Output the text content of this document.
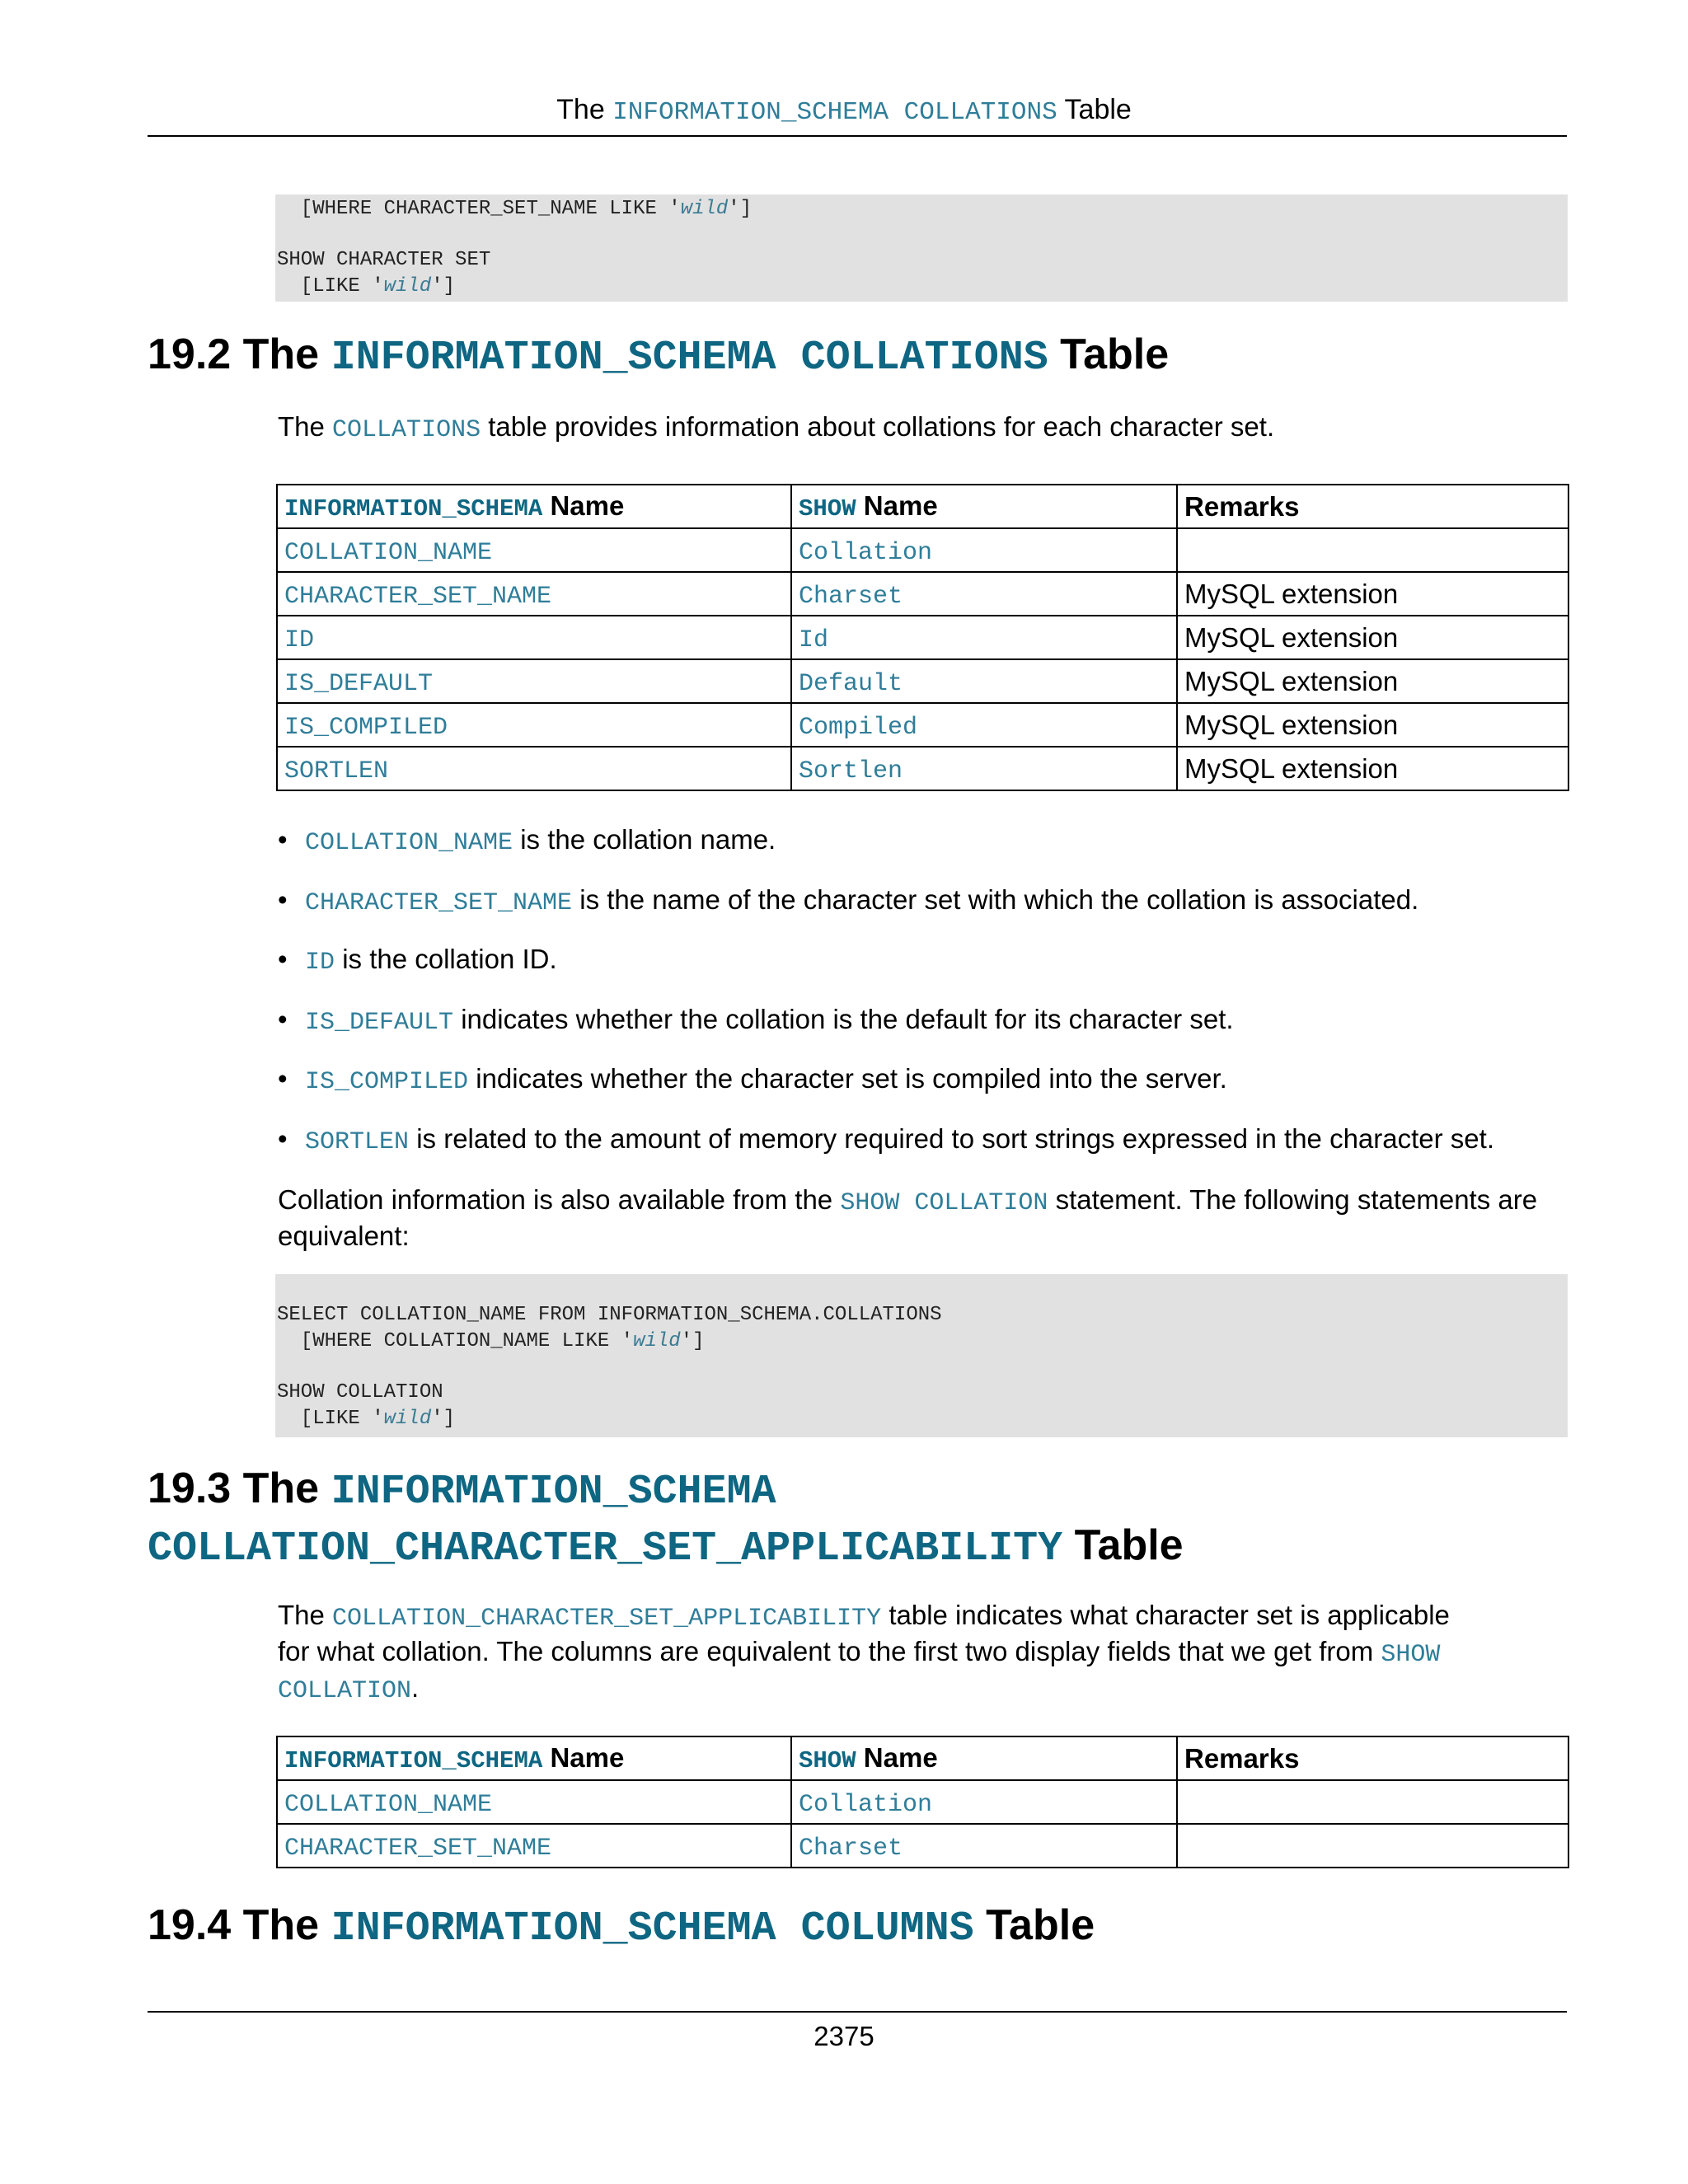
The INFORMATION_SCHEMA COLLATIONS Table
[WHERE CHARACTER_SET_NAME LIKE 'wild']
SHOW CHARACTER SET
[LIKE 'wild']
19.2 The INFORMATION_SCHEMA COLLATIONS Table
The COLLATIONS table provides information about collations for each character set.
INFORMATION_SCHEMA Name	SHOW Name	Remarks
COLLATION_NAME	Collation	
CHARACTER_SET_NAME	Charset	MySQL extension
ID	Id	MySQL extension
IS_DEFAULT	Default	MySQL extension
IS_COMPILED	Compiled	MySQL extension
SORTLEN	Sortlen	MySQL extension
• COLLATION_NAME is the collation name.
• CHARACTER_SET_NAME is the name of the character set with which the collation is associated.
• ID is the collation ID.
• IS_DEFAULT indicates whether the collation is the default for its character set.
• IS_COMPILED indicates whether the character set is compiled into the server.
• SORTLEN is related to the amount of memory required to sort strings expressed in the character set.
Collation information is also available from the SHOW COLLATION statement. The following statements are
equivalent:
SELECT COLLATION_NAME FROM INFORMATION_SCHEMA.COLLATIONS
[WHERE COLLATION_NAME LIKE 'wild']
SHOW COLLATION
[LIKE 'wild']
19.3 The INFORMATION_SCHEMA
COLLATION_CHARACTER_SET_APPLICABILITY Table
The COLLATION_CHARACTER_SET_APPLICABILITY table indicates what character set is applicable
for what collation. The columns are equivalent to the first two display fields that we get from SHOW
COLLATION.
INFORMATION_SCHEMA Name	SHOW Name	Remarks
COLLATION_NAME	Collation	
CHARACTER_SET_NAME	Charset	
19.4 The INFORMATION_SCHEMA COLUMNS Table
2375
